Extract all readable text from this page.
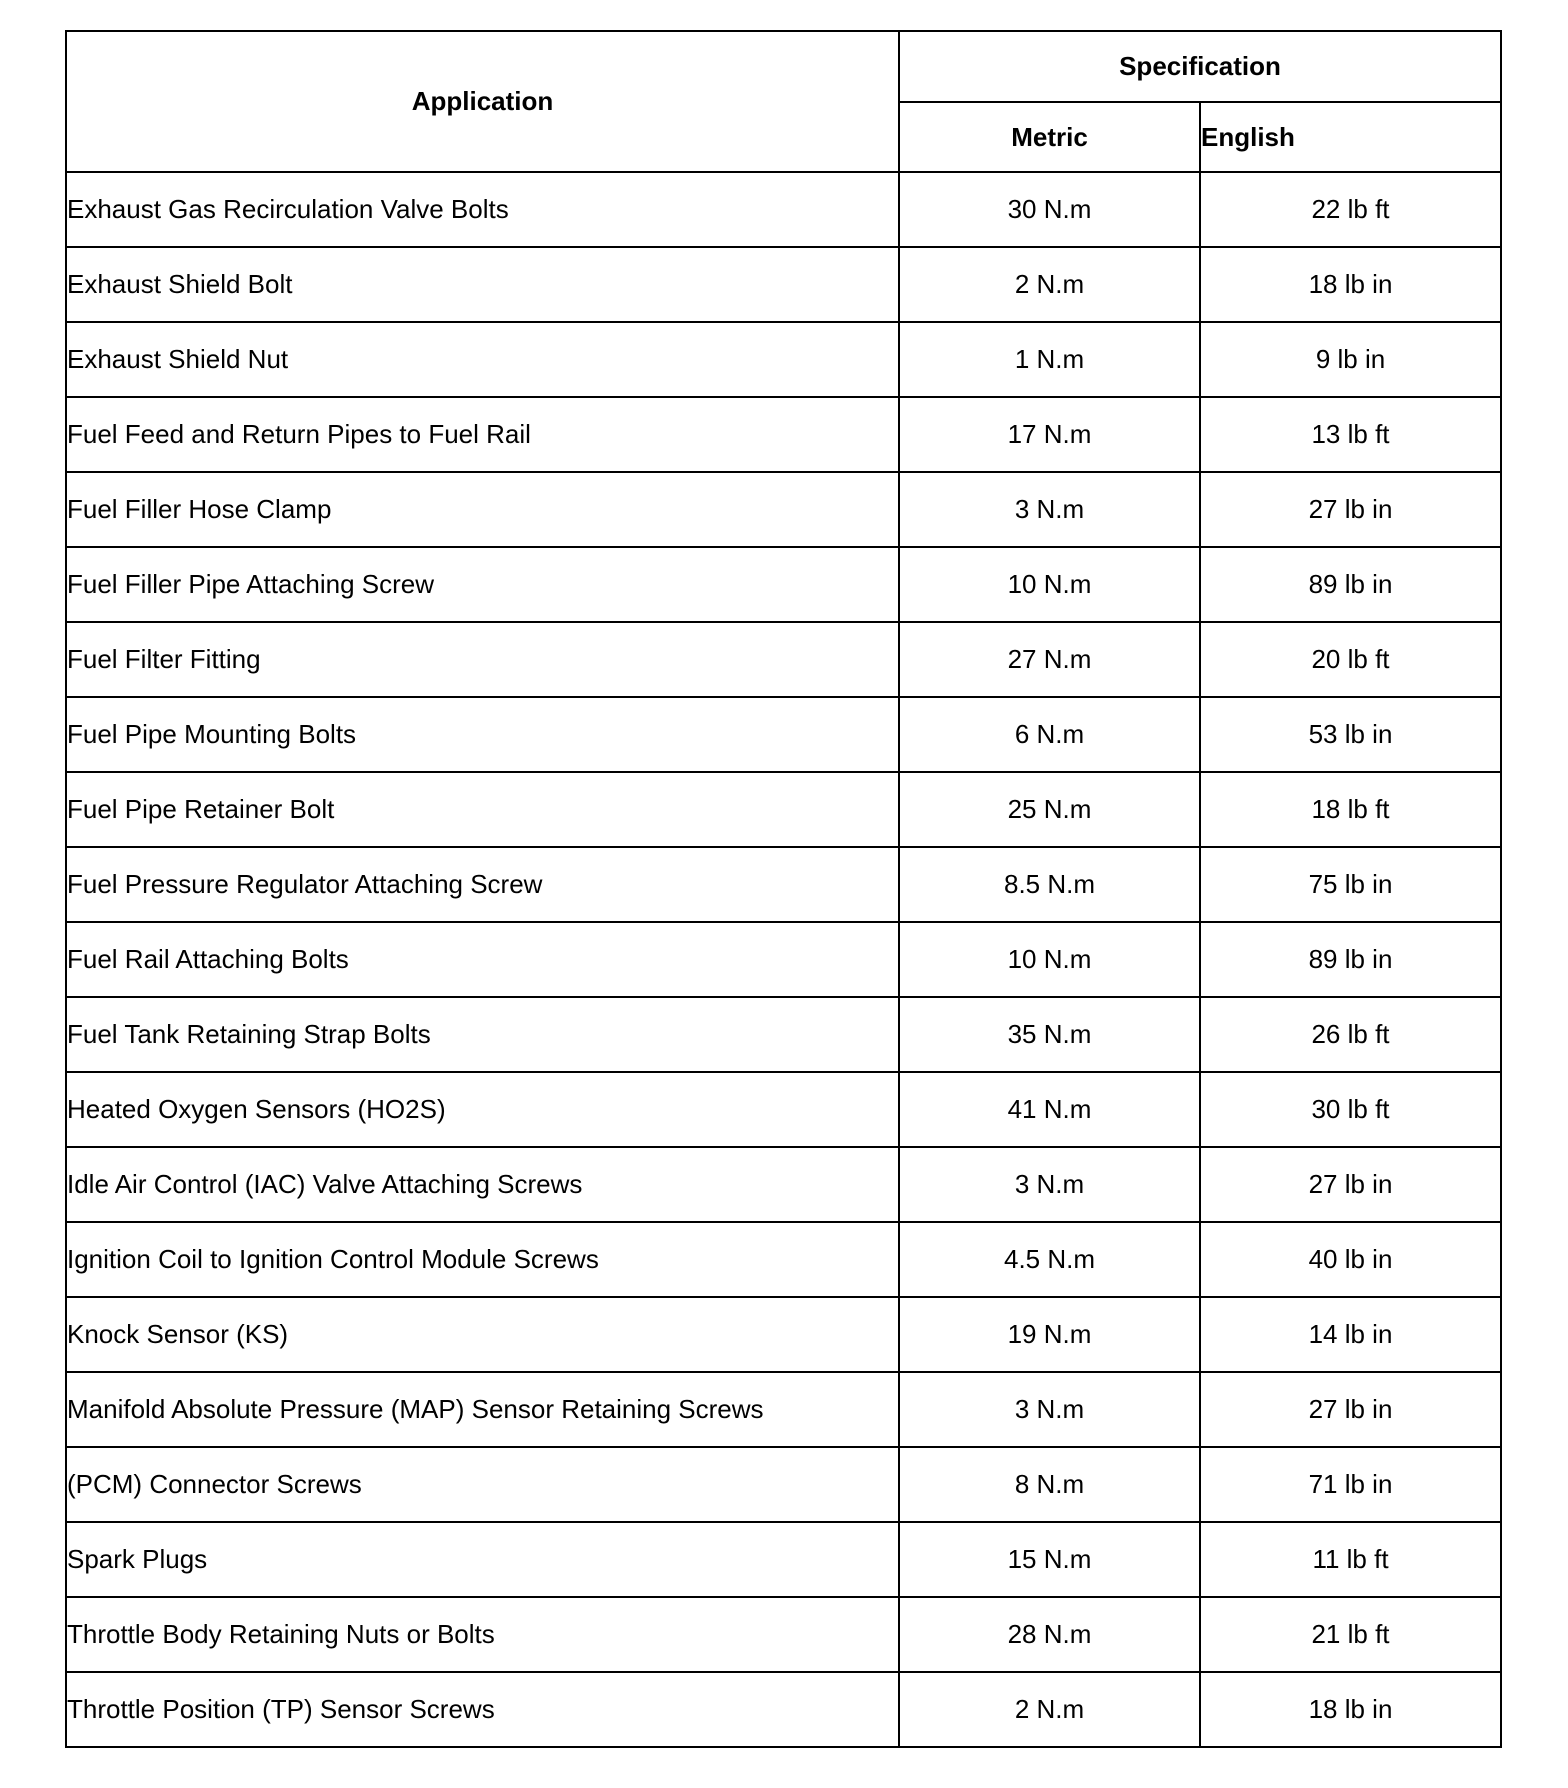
Application	Specification	
	Metric	English
Exhaust Gas Recirculation Valve Bolts	30 N.m	22 lb ft
Exhaust Shield Bolt	2 N.m	18 lb in
Exhaust Shield Nut	1 N.m	9 lb in
Fuel Feed and Return Pipes to Fuel Rail	17 N.m	13 lb ft
Fuel Filler Hose Clamp	3 N.m	27 lb in
Fuel Filler Pipe Attaching Screw	10 N.m	89 lb in
Fuel Filter Fitting	27 N.m	20 lb ft
Fuel Pipe Mounting Bolts	6 N.m	53 lb in
Fuel Pipe Retainer Bolt	25 N.m	18 lb ft
Fuel Pressure Regulator Attaching Screw	8.5 N.m	75 lb in
Fuel Rail Attaching Bolts	10 N.m	89 lb in
Fuel Tank Retaining Strap Bolts	35 N.m	26 lb ft
Heated Oxygen Sensors (HO2S)	41 N.m	30 lb ft
Idle Air Control (IAC) Valve Attaching Screws	3 N.m	27 lb in
Ignition Coil to Ignition Control Module Screws	4.5 N.m	40 lb in
Knock Sensor (KS)	19 N.m	14 lb in
Manifold Absolute Pressure (MAP) Sensor Retaining Screws	3 N.m	27 lb in
(PCM) Connector Screws	8 N.m	71 lb in
Spark Plugs	15 N.m	11 lb ft
Throttle Body Retaining Nuts or Bolts	28 N.m	21 lb ft
Throttle Position (TP) Sensor Screws	2 N.m	18 lb in
